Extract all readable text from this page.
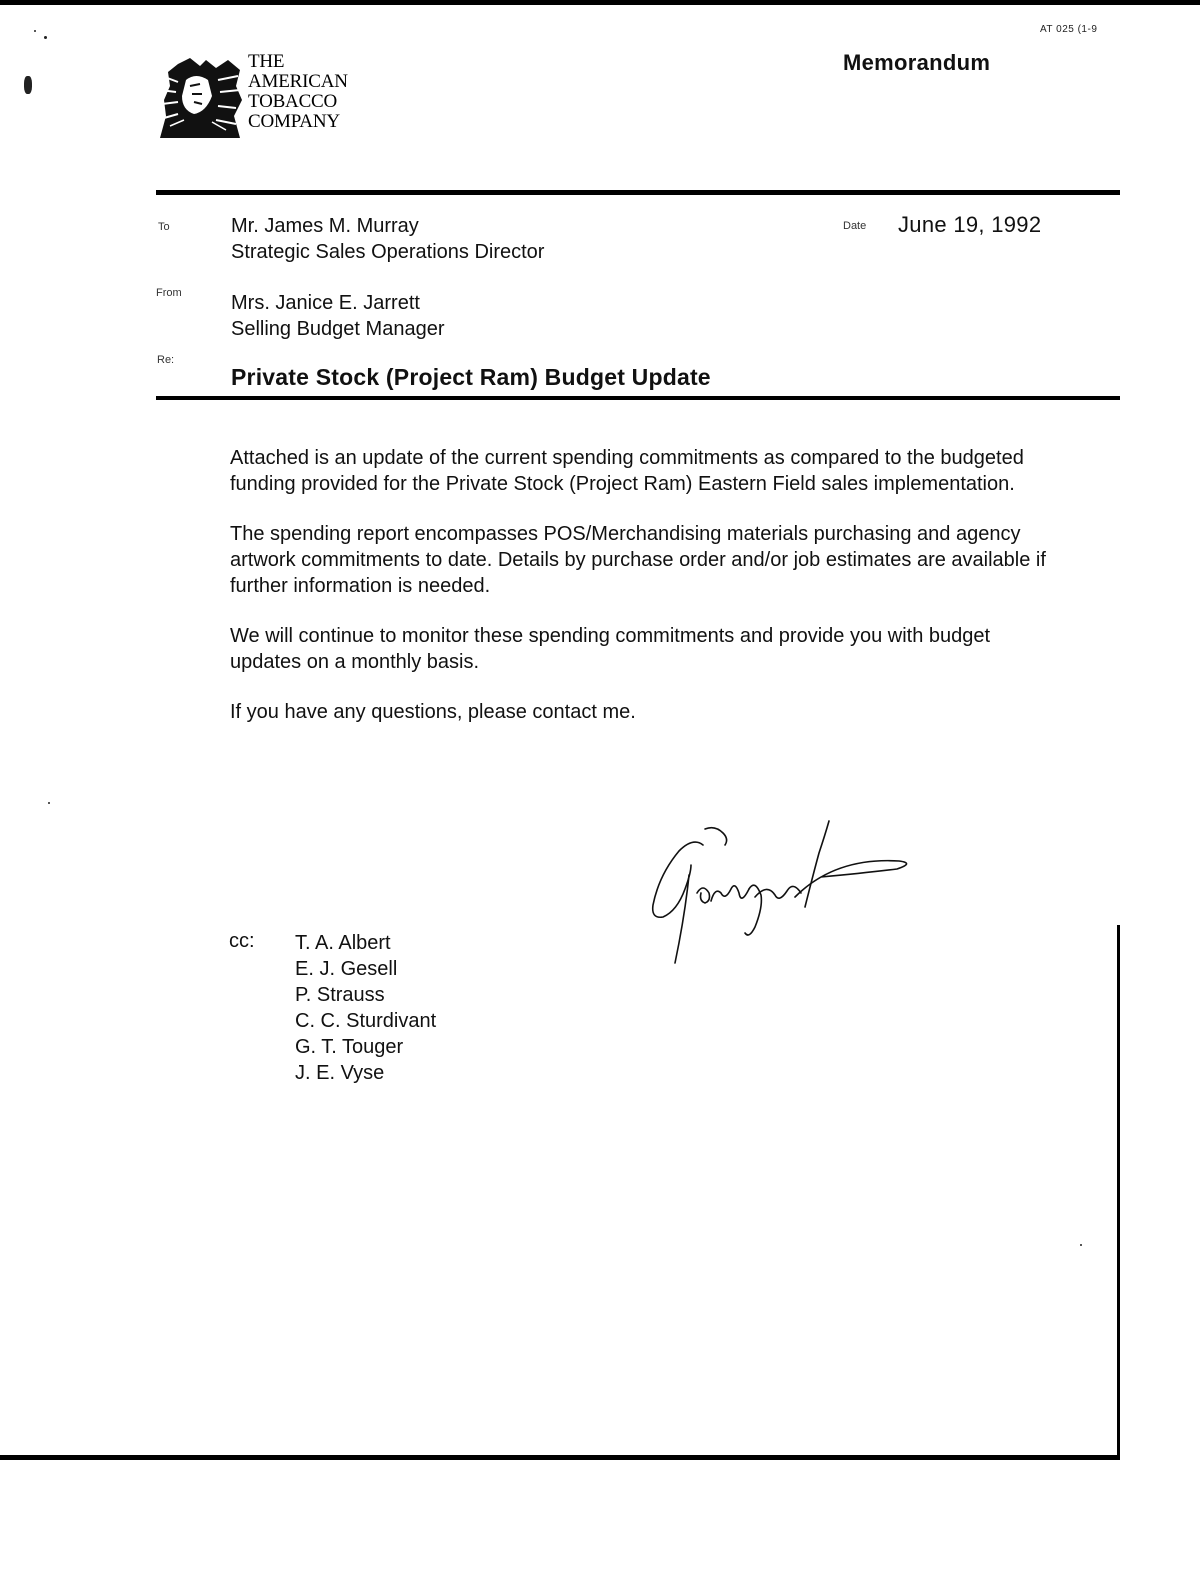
AT 025 (1-9
THE
AMERICAN
TOBACCO
COMPANY
Memorandum
To	Mr. James M. Murray
Strategic Sales Operations Director
Date June 19, 1992
From Mrs. Janice E. Jarrett
Selling Budget Manager
Re:
Private Stock (Project Ram) Budget Update

Attached is an update of the current spending commitments as compared to the budgeted funding provided for the Private Stock (Project Ram) Eastern Field sales implementation.

The spending report encompasses POS/Merchandising materials purchasing and agency artwork commitments to date. Details by purchase order and/or job estimates are available if further information is needed.

We will continue to monitor these spending commitments and provide you with budget updates on a monthly basis.

If you have any questions, please contact me.

cc: T. A. Albert
E. J. Gesell
P. Strauss
C. C. Sturdivant
G. T. Touger
J. E. Vyse
